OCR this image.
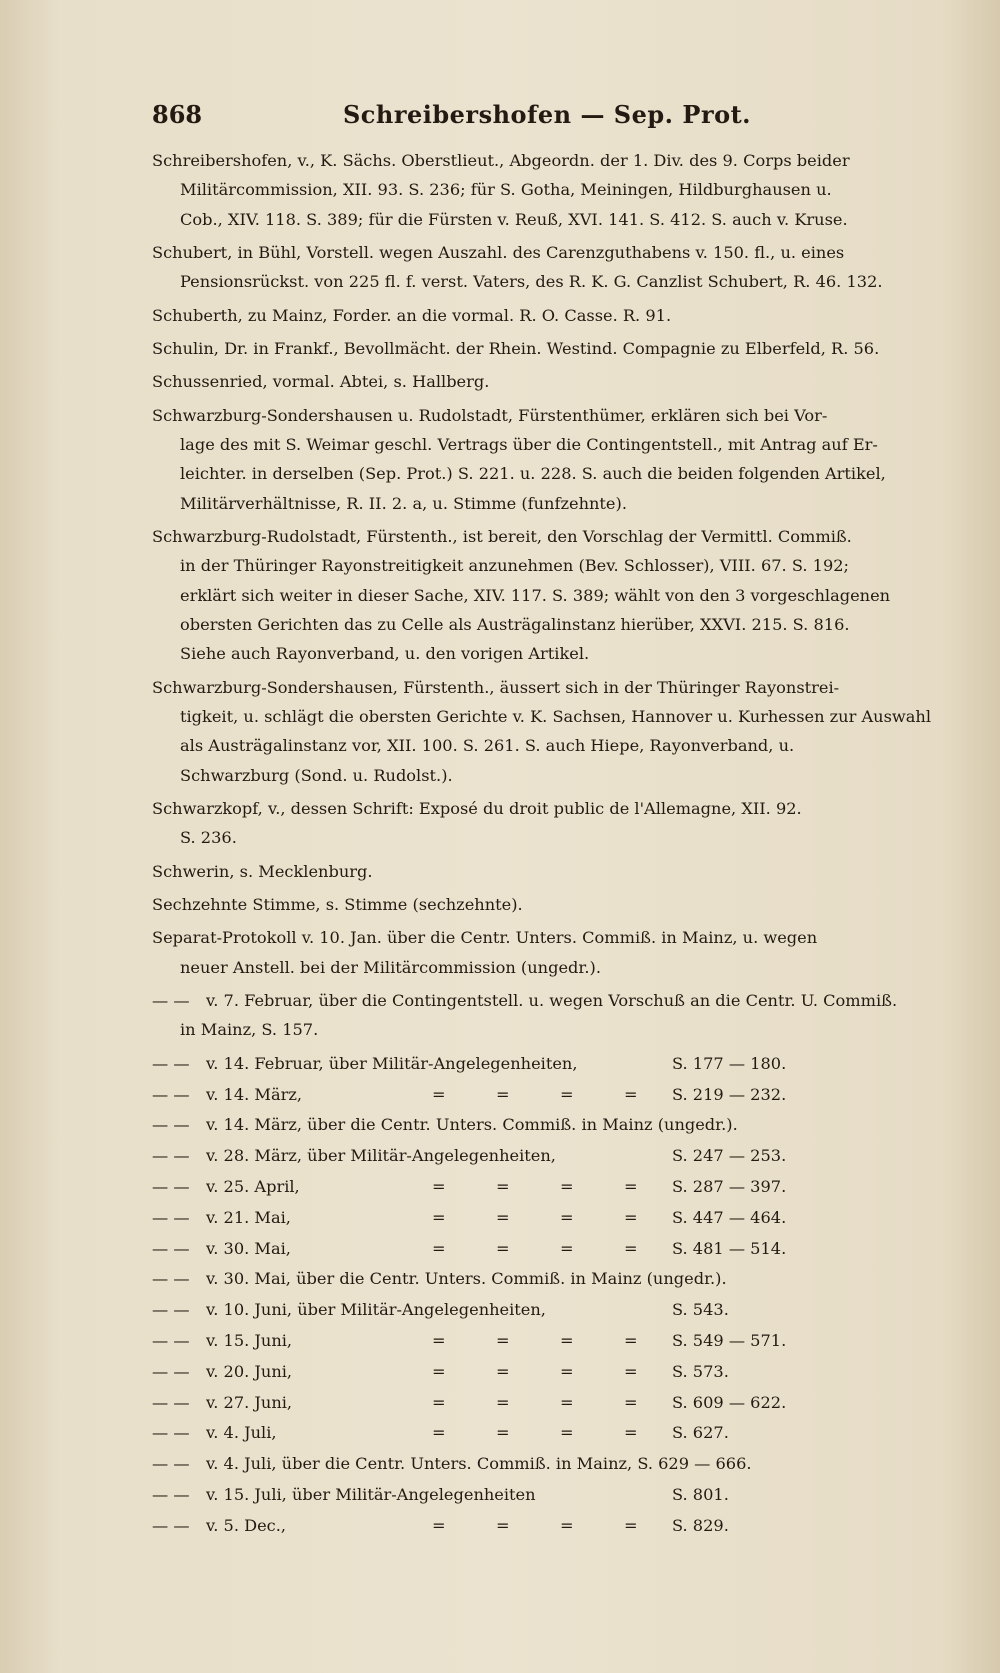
868	Schreibershofen — Sep. Prot.
Schreibershofen, v., K. Sächs. Oberstlieut., Abgeordn. der 1. Div. des 9. Corps beider
Militärcommission, XII. 93. S. 236; für S. Gotha, Meiningen, Hildburghausen u.
Cob., XIV. 118. S. 389; für die Fürsten v. Reuß, XVI. 141. S. 412. S. auch v. Kruse.
Schubert, in Bühl, Vorstell. wegen Auszahl. des Carenzguthabens v. 150. fl., u. eines
Pensionsrückst. von 225 fl. f. verst. Vaters, des R. K. G. Canzlist Schubert, R. 46. 132.
Schuberth, zu Mainz, Forder. an die vormal. R. O. Casse. R. 91.
Schulin, Dr. in Frankf., Bevollmächt. der Rhein. Westind. Compagnie zu Elberfeld, R. 56.
Schussenried, vormal. Abtei, s. Hallberg.
Schwarzburg-Sondershausen u. Rudolstadt, Fürstenthümer, erklären sich bei Vor-
lage des mit S. Weimar geschl. Vertrags über die Contingentstell., mit Antrag auf Er-
leichter. in derselben (Sep. Prot.) S. 221. u. 228. S. auch die beiden folgenden Artikel,
Militärverhältnisse, R. II. 2. a, u. Stimme (funfzehnte).
Schwarzburg-Rudolstadt, Fürstenth., ist bereit, den Vorschlag der Vermittl. Commiß.
in der Thüringer Rayonstreitigkeit anzunehmen (Bev. Schlosser), VIII. 67. S. 192;
erklärt sich weiter in dieser Sache, XIV. 117. S. 389; wählt von den 3 vorgeschlagenen
obersten Gerichten das zu Celle als Austrägalinstanz hierüber, XXVI. 215. S. 816.
Siehe auch Rayonverband, u. den vorigen Artikel.
Schwarzburg-Sondershausen, Fürstenth., äussert sich in der Thüringer Rayonstrei-
tigkeit, u. schlägt die obersten Gerichte v. K. Sachsen, Hannover u. Kurhessen zur Auswahl
als Austrägalinstanz vor, XII. 100. S. 261. S. auch Hiepe, Rayonverband, u.
Schwarzburg (Sond. u. Rudolst.).
Schwarzkopf, v., dessen Schrift: Exposé du droit public de l'Allemagne, XII. 92.
S. 236.
Schwerin, s. Mecklenburg.
Sechzehnte Stimme, s. Stimme (sechzehnte).
Separat-Protokoll v. 10. Jan. über die Centr. Unters. Commiß. in Mainz, u. wegen
neuer Anstell. bei der Militärcommission (ungedr.).
— — v. 7. Februar, über die Contingentstell. u. wegen Vorschuß an die Centr. U. Commiß.
in Mainz, S. 157.
— — v. 14. Februar, über Militär-Angelegenheiten,	S. 177 — 180.
— — v. 14. März,	=	=	=	=	S. 219 — 232.
— — v. 14. März, über die Centr. Unters. Commiß. in Mainz (ungedr.).
— — v. 28. März, über Militär-Angelegenheiten,	S. 247 — 253.
— — v. 25. April,	=	=	=	=	S. 287 — 397.
— — v. 21. Mai,	=	=	=	=	S. 447 — 464.
— — v. 30. Mai,	=	=	=	=	S. 481 — 514.
— — v. 30. Mai, über die Centr. Unters. Commiß. in Mainz (ungedr.).
— — v. 10. Juni, über Militär-Angelegenheiten,	S. 543.
— — v. 15. Juni,	=	=	=	=	S. 549 — 571.
— — v. 20. Juni,	=	=	=	=	S. 573.
— — v. 27. Juni,	=	=	=	=	S. 609 — 622.
— — v. 4. Juli,	=	=	=	=	S. 627.
— — v. 4. Juli, über die Centr. Unters. Commiß. in Mainz, S. 629 — 666.
— — v. 15. Juli, über Militär-Angelegenheiten	S. 801.
— — v. 5. Dec.,	=	=	=	=	S. 829.
